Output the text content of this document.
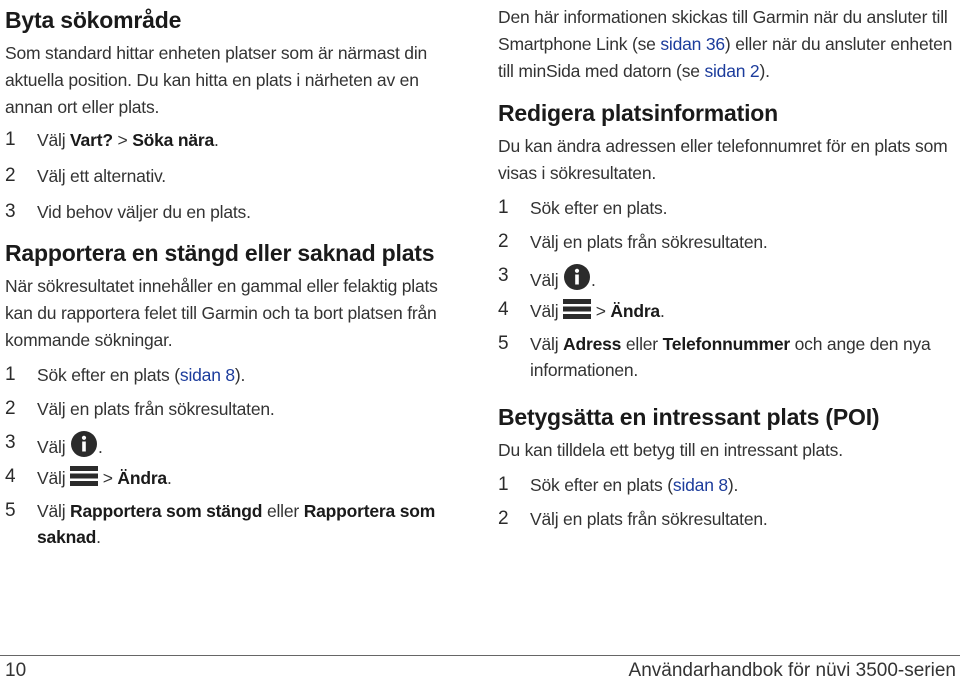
Byta sökområde

Som standard hittar enheten platser som är närmast din aktuella position. Du kan hitta en plats i närheten av en annan ort eller plats.

1 Välj Vart? > Söka nära.
2 Välj ett alternativ.
3 Vid behov väljer du en plats.
Rapportera en stängd eller saknad plats

När sökresultatet innehåller en gammal eller felaktig plats kan du rapportera felet till Garmin och ta bort platsen från kommande sökningar.

1 Sök efter en plats (sidan 8).
2 Välj en plats från sökresultaten.
3 Välj .
4 Välj  > Ändra.
5 Välj Rapportera som stängd eller Rapportera som saknad.

Den här informationen skickas till Garmin när du ansluter till Smartphone Link (se sidan 36) eller när du ansluter enheten till minSida med datorn (se sidan 2).

Redigera platsinformation

Du kan ändra adressen eller telefonnumret för en plats som visas i sökresultaten.

1 Sök efter en plats.
2 Välj en plats från sökresultaten.
3 Välj .
4 Välj  > Ändra.
5 Välj Adress eller Telefonnummer och ange den nya informationen.
Betygsätta en intressant plats (POI)

Du kan tilldela ett betyg till en intressant plats.

1 Sök efter en plats (sidan 8).
2 Välj en plats från sökresultaten.
10	Användarhandbok för nüvi 3500-serien
